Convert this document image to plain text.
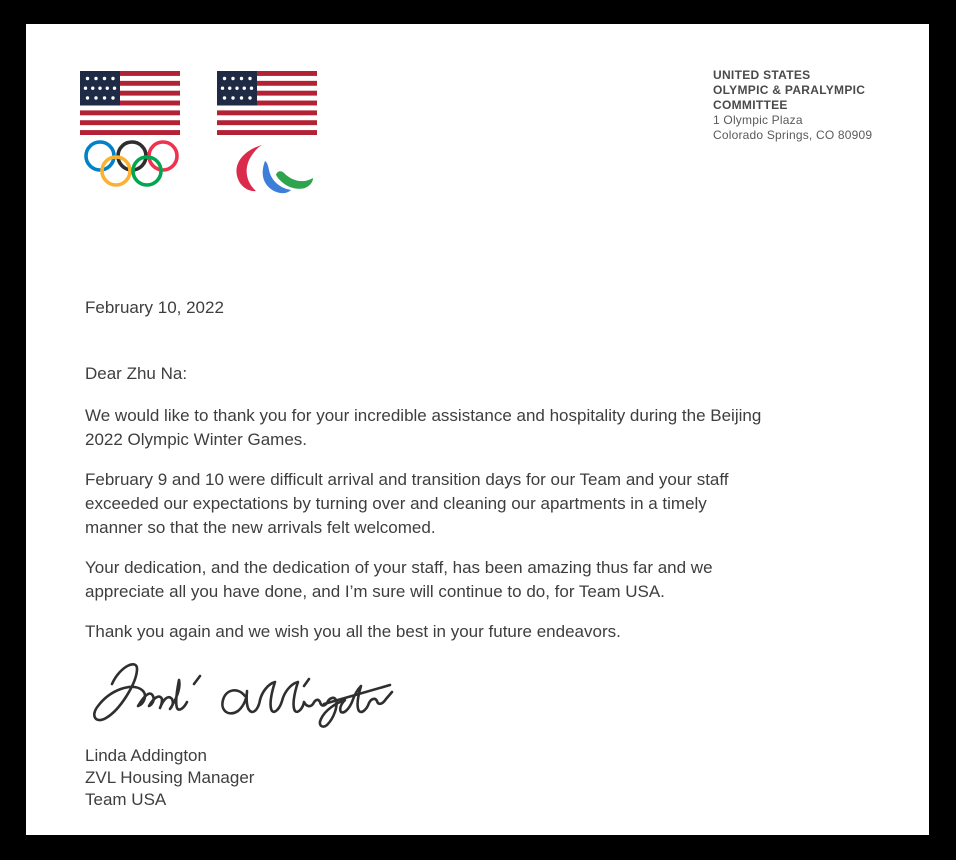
UNITED STATES
OLYMPIC & PARALYMPIC
COMMITTEE
1 Olympic Plaza
Colorado Springs, CO 80909
February 10, 2022
Dear Zhu Na:
We would like to thank you for your incredible assistance and hospitality during the Beijing
2022 Olympic Winter Games.
February 9 and 10 were difficult arrival and transition days for our Team and your staff
exceeded our expectations by turning over and cleaning our apartments in a timely
manner so that the new arrivals felt welcomed.
Your dedication, and the dedication of your staff, has been amazing thus far and we
appreciate all you have done, and I’m sure will continue to do, for Team USA.
Thank you again and we wish you all the best in your future endeavors.
Linda Addington
ZVL Housing Manager
Team USA
